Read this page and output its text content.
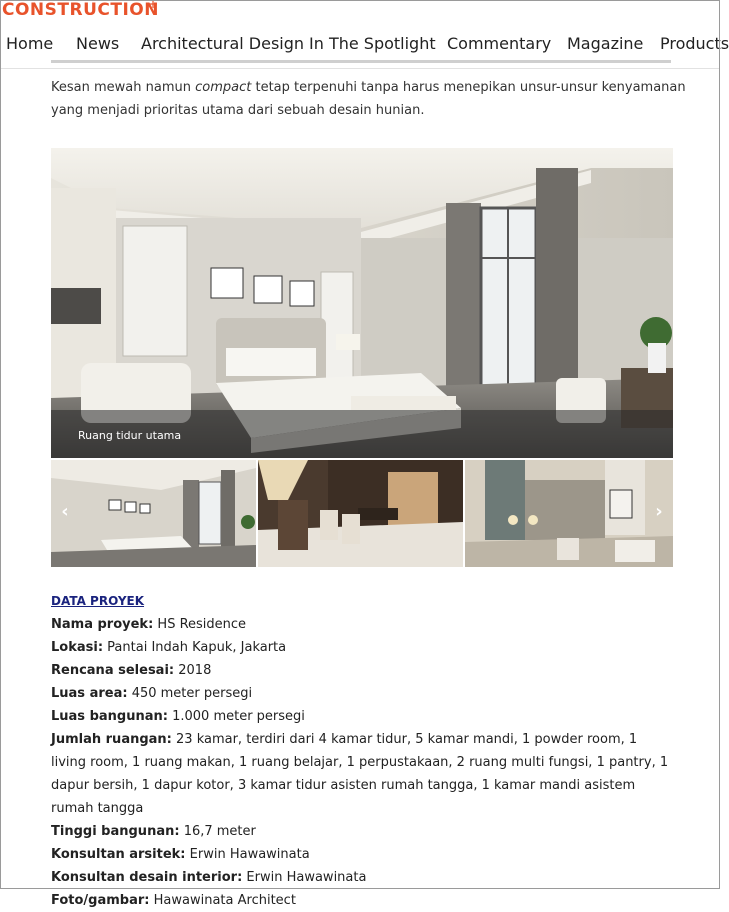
CONSTRUCTION
Home News Architectural Design In The Spotlight Commentary Magazine Products
Kesan mewah namun compact tetap terpenuhi tanpa harus menepikan unsur-unsur kenyamanan yang menjadi prioritas utama dari sebuah desain hunian.
Ruang tidur utama
‹	›
DATA PROYEK
Nama proyek: HS Residence
Lokasi: Pantai Indah Kapuk, Jakarta
Rencana selesai: 2018
Luas area: 450 meter persegi
Luas bangunan: 1.000 meter persegi
Jumlah ruangan: 23 kamar, terdiri dari 4 kamar tidur, 5 kamar mandi, 1 powder room, 1 living room, 1 ruang makan, 1 ruang belajar, 1 perpustakaan, 2 ruang multi fungsi, 1 pantry, 1 dapur bersih, 1 dapur kotor, 3 kamar tidur asisten rumah tangga, 1 kamar mandi asistem rumah tangga
Tinggi bangunan: 16,7 meter
Konsultan arsitek: Erwin Hawawinata
Konsultan desain interior: Erwin Hawawinata
Foto/gambar: Hawawinata Architect
